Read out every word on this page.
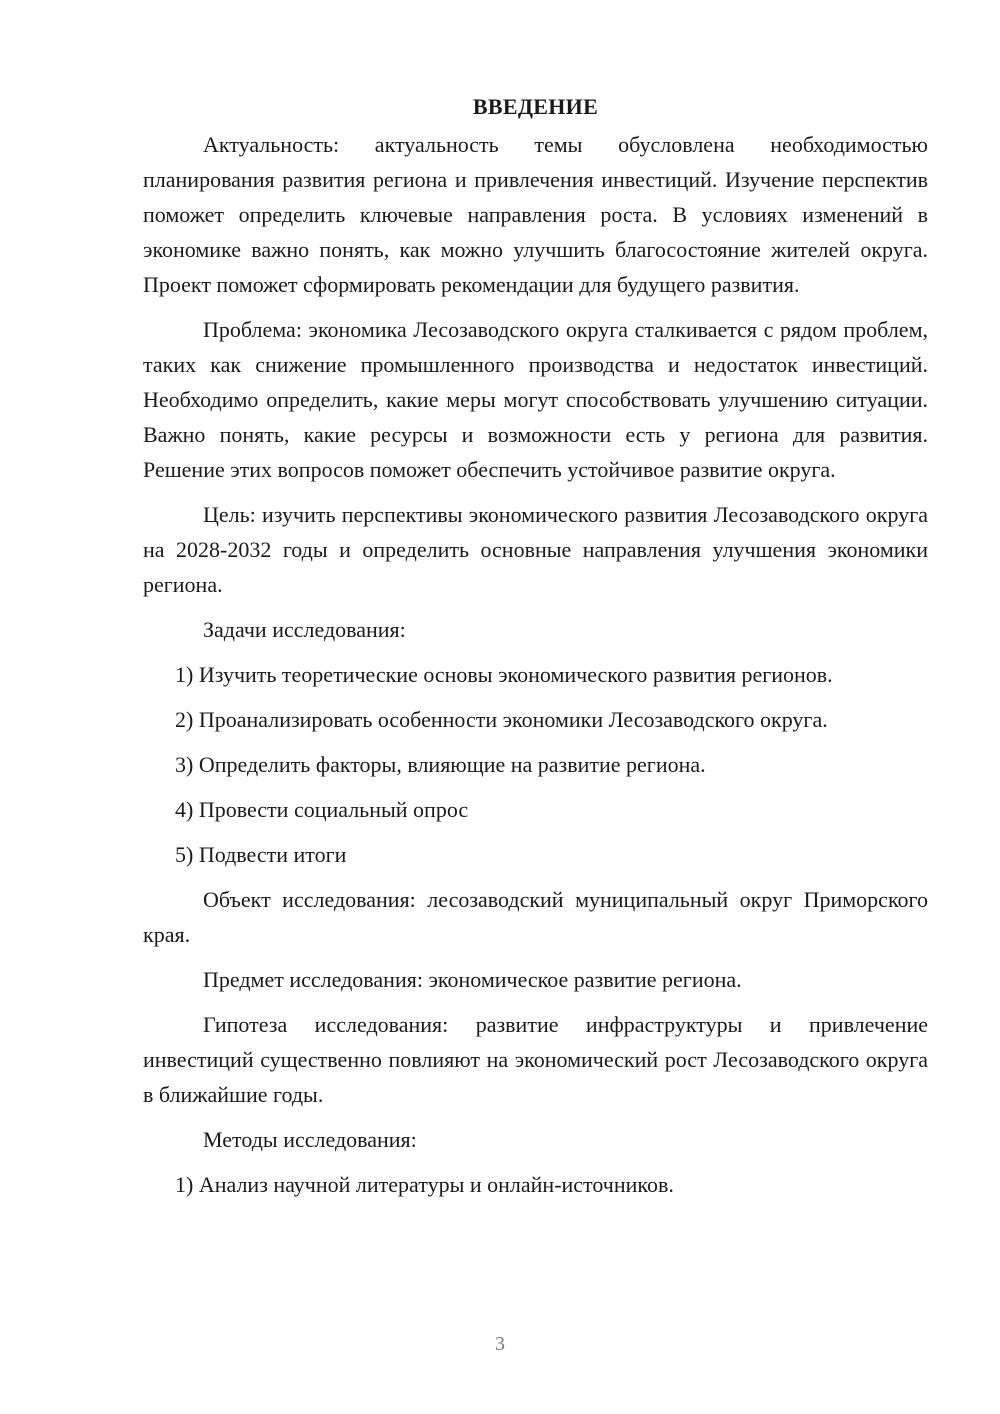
ВВЕДЕНИЕ

Актуальность: актуальность темы обусловлена необходимостью планирования развития региона и привлечения инвестиций. Изучение перспектив поможет определить ключевые направления роста. В условиях изменений в экономике важно понять, как можно улучшить благосостояние жителей округа. Проект поможет сформировать рекомендации для будущего развития.

Проблема: экономика Лесозаводского округа сталкивается с рядом проблем, таких как снижение промышленного производства и недостаток инвестиций. Необходимо определить, какие меры могут способствовать улучшению ситуации. Важно понять, какие ресурсы и возможности есть у региона для развития. Решение этих вопросов поможет обеспечить устойчивое развитие округа.

Цель: изучить перспективы экономического развития Лесозаводского округа на 2028-2032 годы и определить основные направления улучшения экономики региона.

Задачи исследования:
1) Изучить теоретические основы экономического развития регионов.
2) Проанализировать особенности экономики Лесозаводского округа.
3) Определить факторы, влияющие на развитие региона.
4) Провести социальный опрос
5) Подвести итоги

Объект исследования: лесозаводский муниципальный округ Приморского края.

Предмет исследования: экономическое развитие региона.

Гипотеза исследования: развитие инфраструктуры и привлечение инвестиций существенно повлияют на экономический рост Лесозаводского округа в ближайшие годы.

Методы исследования:
1) Анализ научной литературы и онлайн-источников.
3
